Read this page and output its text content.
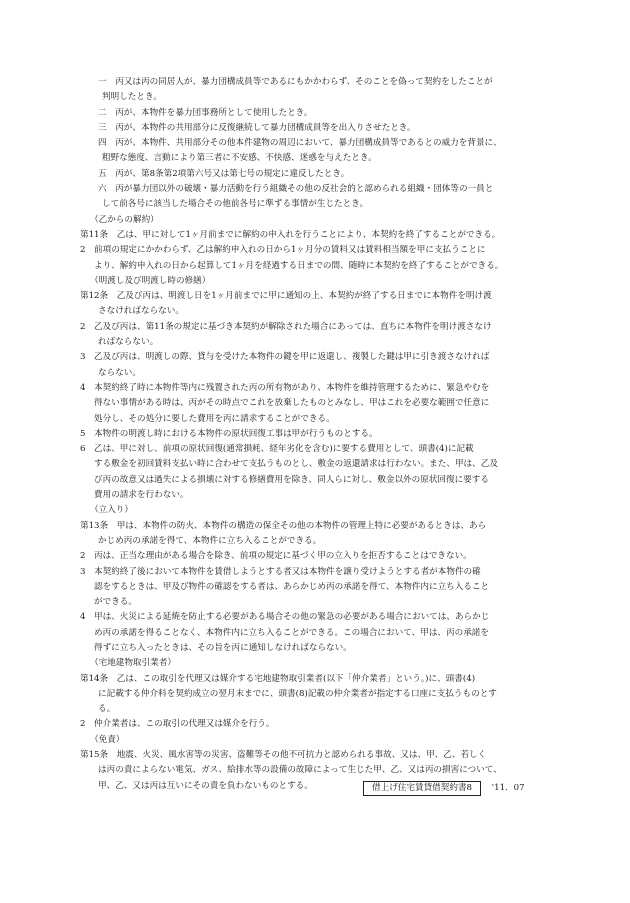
一　丙又は丙の同居人が、暴力団構成員等であるにもかかわらず、そのことを偽って契約をしたことが
判明したとき。
二　丙が、本物件を暴力団事務所として使用したとき。
三　丙が、本物件の共用部分に反復継続して暴力団構成員等を出入りさせたとき。
四　丙が、本物件、共用部分その他本件建物の周辺において、暴力団構成員等であるとの威力を背景に、
粗野な態度、言動により第三者に不安感、不快感、迷惑を与えたとき。
五　丙が、第8条第2項第六号又は第七号の規定に違反したとき。
六　丙が暴力団以外の破壊・暴力活動を行う組織その他の反社会的と認められる組織・団体等の一員と
して前各号に該当した場合その他前各号に準ずる事情が生じたとき。
（乙からの解約）
第11条　乙は、甲に対して1ヶ月前までに解約の申入れを行うことにより、本契約を終了することができる。
2 前項の規定にかかわらず、乙は解約申入れの日から1ヶ月分の賃料又は賃料相当額を甲に支払うことに
より、解約申入れの日から起算して1ヶ月を経過する日までの間、随時に本契約を終了することができる。
（明渡し及び明渡し時の修繕）
第12条　乙及び丙は、明渡し日を1ヶ月前までに甲に通知の上、本契約が終了する日までに本物件を明け渡
さなければならない。
2 乙及び丙は、第11条の規定に基づき本契約が解除された場合にあっては、直ちに本物件を明け渡さなけ
ればならない。
3 乙及び丙は、明渡しの際、貸与を受けた本物件の鍵を甲に返還し、複製した鍵は甲に引き渡さなければ
ならない。
4 本契約終了時に本物件等内に残置された丙の所有物があり、本物件を維持管理するために、緊急やむを
得ない事情がある時は、丙がその時点でこれを放棄したものとみなし、甲はこれを必要な範囲で任意に
処分し、その処分に要した費用を丙に請求することができる。
5 本物件の明渡し時における本物件の原状回復工事は甲が行うものとする。
6 乙は、甲に対し、前項の原状回復(通常損耗、経年劣化を含む)に要する費用として、頭書(4)に記載
する敷金を初回賃料支払い時に合わせて支払うものとし、敷金の返還請求は行わない。また、甲は、乙及
び丙の故意又は過失による損壊に対する修繕費用を除き、同人らに対し、敷金以外の原状回復に要する
費用の請求を行わない。
（立入り）
第13条　甲は、本物件の防火、本物件の構造の保全その他の本物件の管理上特に必要があるときは、あら
かじめ丙の承諾を得て、本物件に立ち入ることができる。
2 丙は、正当な理由がある場合を除き、前項の規定に基づく甲の立入りを拒否することはできない。
3 本契約終了後において本物件を賃借しようとする者又は本物件を譲り受けようとする者が本物件の確
認をするときは、甲及び物件の確認をする者は、あらかじめ丙の承諾を得て、本物件内に立ち入ること
ができる。
4 甲は、火災による延焼を防止する必要がある場合その他の緊急の必要がある場合においては、あらかじ
め丙の承諾を得ることなく、本物件内に立ち入ることができる。この場合において、甲は、丙の承諾を
得ずに立ち入ったときは、その旨を丙に通知しなければならない。
（宅地建物取引業者）
第14条　乙は、この取引を代理又は媒介する宅地建物取引業者(以下「仲介業者」という。)に、頭書(4)
に記載する仲介料を契約成立の翌月末までに、頭書(8)記載の仲介業者が指定する口座に支払うものとす
る。
2 仲介業者は、この取引の代理又は媒介を行う。
（免責）
第15条　地震、火災、風水害等の災害、盗難等その他不可抗力と認められる事故、又は、甲、乙、若しく
は丙の責によらない電気、ガス、給排水等の設備の故障によって生じた甲、乙、又は丙の損害について、
甲、乙、又は丙は互いにその責を負わないものとする。	借上げ住宅賃貸借契約書8 '11．07
